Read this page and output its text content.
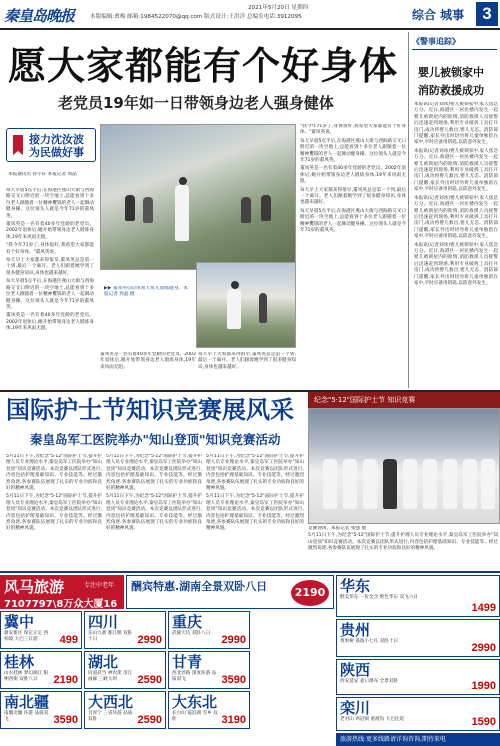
秦皇岛晚报	2021年5月20日 星期四
本版编辑:贾梅 邮箱:1984522070@qq.com 版式设计:王洪洋 总编室电话:3912095	综合 城事	3
愿大家都能有个好身体
老党员19年如一日带领身边老人强身健体
接力沈汝波 为民做好事
本报通讯员 孙宇轩 本报记者 周晶

每天早晨5点半后,在海港区燕山大街与西海路交叉口附近的一块空地上,总能看到十多位老人跟随着一位精神矍铄的老人一起舞动健身操。这位领头人就是今年71岁的董凤英。

董凤英是一名有着40多年党龄的老党员。2002年退休后,她开始带领身边老人锻炼身体,19年来风雨无阻。

"我今年71岁了,身体很好,我希望大家都能有个好身体。"董凤英说。

每天早上大家都来得很早,董凤英总是第一个到,最后一个离开。老人们跟着她学到了很多健身知识,身体也越来越好。

每天早晨5点半后,在海港区燕山大街与西海路交叉口附近的一块空地上,总能看到十多位老人跟随着一位精神矍铄的老人一起舞动健身操。这位领头人就是今年71岁的董凤英。

董凤英是一名有着40多年党龄的老党员。2002年退休后,她开始带领身边老人锻炼身体,19年来风雨无阻。

▶▶ 董凤英(前)带领大伙儿晨练健身。本报记者 周晶 摄

董凤英是一名有着40多年党龄的老党员。2002年退休后,她开始带领身边老人锻炼身体,19年来风雨无阻。

每天早上大家都来得很早,董凤英总是第一个到,最后一个离开。老人们跟着她学到了很多健身知识,身体也越来越好。

"我今年71岁了,身体很好,我希望大家都能有个好身体。"董凤英说。

每天早晨5点半后,在海港区燕山大街与西海路交叉口附近的一块空地上,总能看到十多位老人跟随着一位精神矍铄的老人一起舞动健身操。这位领头人就是今年71岁的董凤英。

董凤英是一名有着40多年党龄的老党员。2002年退休后,她开始带领身边老人锻炼身体,19年来风雨无阻。

每天早上大家都来得很早,董凤英总是第一个到,最后一个离开。老人们跟着她学到了很多健身知识,身体也越来越好。

每天早晨5点半后,在海港区燕山大街与西海路交叉口附近的一块空地上,总能看到十多位老人跟随着一位精神矍铄的老人一起舞动健身操。这位领头人就是今年71岁的董凤英。

《警事追踪》
婴儿被锁家中
消防救援成功

本报讯(记者刘冰)婴儿被锁家中,家人焦急万分。近日,海港区一居民楼内发生一起婴儿被锁屋内的险情,消防救援人员接警后迅速赶到现场,利用专业破拆工具打开房门,成功将婴儿救出,婴儿无恙。消防部门提醒,家长外出时切勿将儿童单独留在家中,平时应备用钥匙,以防意外发生。

本报讯(记者刘冰)婴儿被锁家中,家人焦急万分。近日,海港区一居民楼内发生一起婴儿被锁屋内的险情,消防救援人员接警后迅速赶到现场,利用专业破拆工具打开房门,成功将婴儿救出,婴儿无恙。消防部门提醒,家长外出时切勿将儿童单独留在家中,平时应备用钥匙,以防意外发生。

本报讯(记者刘冰)婴儿被锁家中,家人焦急万分。近日,海港区一居民楼内发生一起婴儿被锁屋内的险情,消防救援人员接警后迅速赶到现场,利用专业破拆工具打开房门,成功将婴儿救出,婴儿无恙。消防部门提醒,家长外出时切勿将儿童单独留在家中,平时应备用钥匙,以防意外发生。

本报讯(记者刘冰)婴儿被锁家中,家人焦急万分。近日,海港区一居民楼内发生一起婴儿被锁屋内的险情,消防救援人员接警后迅速赶到现场,利用专业破拆工具打开房门,成功将婴儿救出,婴儿无恙。消防部门提醒,家长外出时切勿将儿童单独留在家中,平时应备用钥匙,以防意外发生。

国际护士节知识竞赛展风采
秦皇岛军工医院举办"知山登顶"知识竞赛活动

5月11日下午,为纪念"5·12"国际护士节,提升护理人员专业理论水平,秦皇岛军工医院举办"知山登顶"知识竞赛活动。本次竞赛以团队形式进行,内容包括护理基础知识、专业技能等。经过激烈角逐,各参赛队伍展现了扎实的专业功底和良好的精神风貌。

5月11日下午,为纪念"5·12"国际护士节,提升护理人员专业理论水平,秦皇岛军工医院举办"知山登顶"知识竞赛活动。本次竞赛以团队形式进行,内容包括护理基础知识、专业技能等。经过激烈角逐,各参赛队伍展现了扎实的专业功底和良好的精神风貌。

5月11日下午,为纪念"5·12"国际护士节,提升护理人员专业理论水平,秦皇岛军工医院举办"知山登顶"知识竞赛活动。本次竞赛以团队形式进行,内容包括护理基础知识、专业技能等。经过激烈角逐,各参赛队伍展现了扎实的专业功底和良好的精神风貌。

5月11日下午,为纪念"5·12"国际护士节,提升护理人员专业理论水平,秦皇岛军工医院举办"知山登顶"知识竞赛活动。本次竞赛以团队形式进行,内容包括护理基础知识、专业技能等。经过激烈角逐,各参赛队伍展现了扎实的专业功底和良好的精神风貌。

5月11日下午,为纪念"5·12"国际护士节,提升护理人员专业理论水平,秦皇岛军工医院举办"知山登顶"知识竞赛活动。本次竞赛以团队形式进行,内容包括护理基础知识、专业技能等。经过激烈角逐,各参赛队伍展现了扎实的专业功底和良好的精神风貌。

5月11日下午,为纪念"5·12"国际护士节,提升护理人员专业理论水平,秦皇岛军工医院举办"知山登顶"知识竞赛活动。本次竞赛以团队形式进行,内容包括护理基础知识、专业技能等。经过激烈角逐,各参赛队伍展现了扎实的专业功底和良好的精神风貌。

纪念"5·12"国际护士节 知识竞赛

竞赛现场。本报记者 张强 摄

5月11日下午,为纪念"5·12"国际护士节,提升护理人员专业理论水平,秦皇岛军工医院举办"知山登顶"知识竞赛活动。本次竞赛以团队形式进行,内容包括护理基础知识、专业技能等。经过激烈角逐,各参赛队伍展现了扎实的专业功底和良好的精神风貌。

风马旅游	专注中老年
7107797\8万众大厦16
酬宾特惠.湖南全景双卧八日	2190
冀中
雄安新区 保定正定 西柏坡 大巴三日游	499
四川
乐山九寨 都江堰 双卧十日	2990
重庆
武隆天坑 双卧八日
2990
华东
醉美华东 一价全含 绝色华东 双飞六日
1499
桂林
山水桂林 梦幻漓江 阳朔西街 双卧八日	2190
湖北
问道武当 神农架 清江画廊 三峡大坝	2590
甘青
西北丝路 深度环游 品质双飞	3590
贵州
黄果树 荔波小七孔 双卧十日
2990
南北疆
南疆北疆 环游 品质双飞	3590
大西北
甘青宁 三省环游 品质双卧	2590
大东北
长白山 镜泊湖 雪乡 双卧	3190
陕西
西安延安 壶口瀑布 全景双卧	1990
栾川
老君山 鸡冠洞 重渡沟 大巴往返	1590
旅游热线:更多线路请详询咨询,期待来电
